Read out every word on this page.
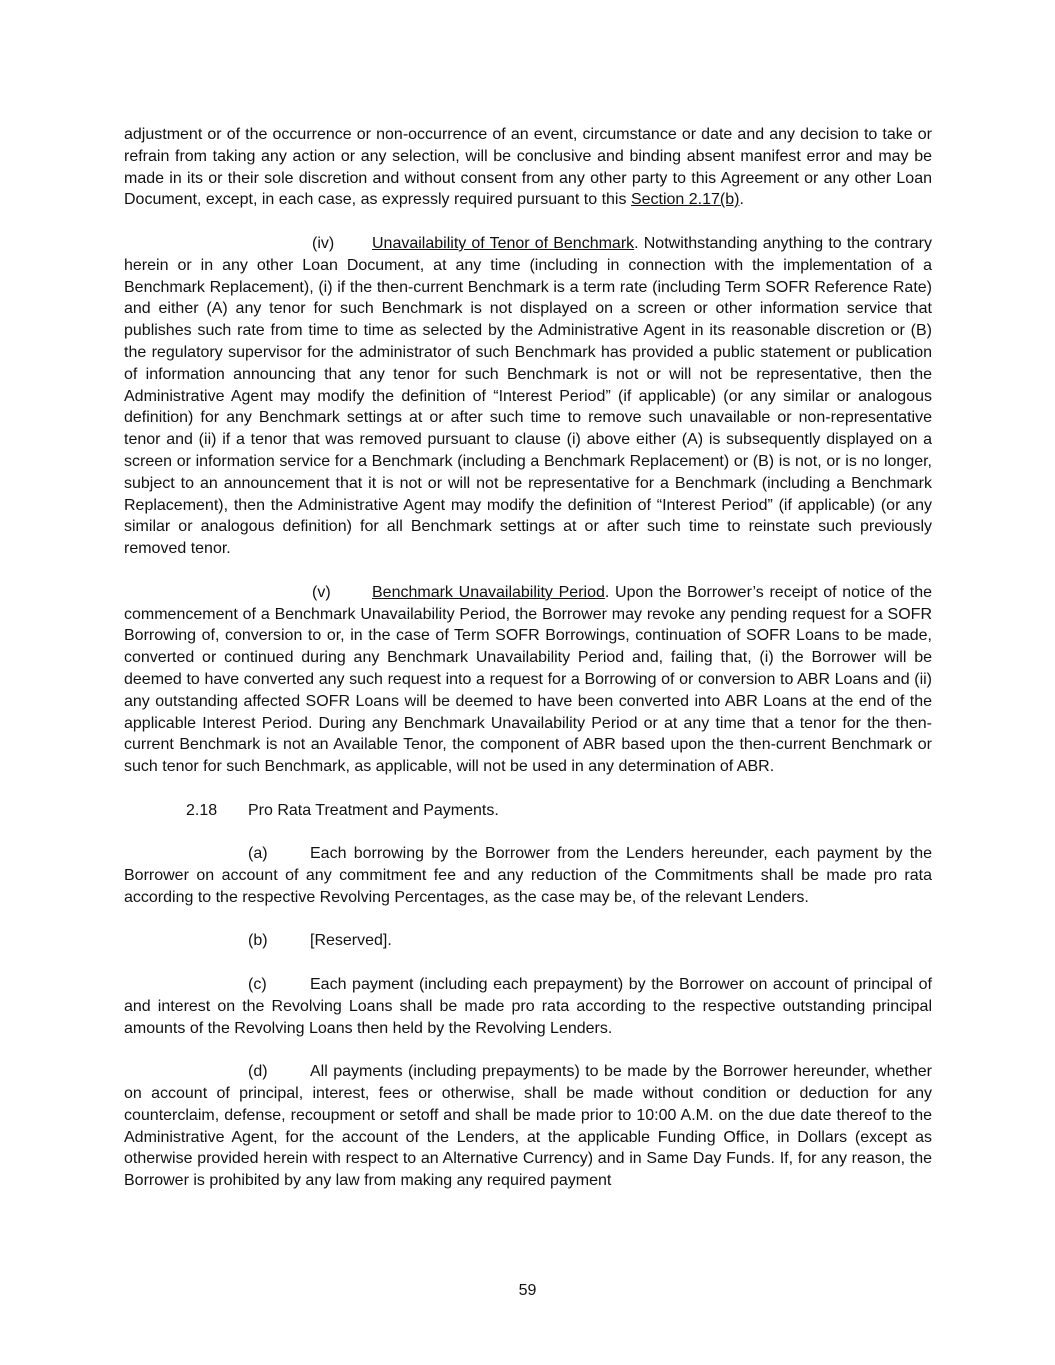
adjustment or of the occurrence or non-occurrence of an event, circumstance or date and any decision to take or refrain from taking any action or any selection, will be conclusive and binding absent manifest error and may be made in its or their sole discretion and without consent from any other party to this Agreement or any other Loan Document, except, in each case, as expressly required pursuant to this Section 2.17(b).

(iv) Unavailability of Tenor of Benchmark. Notwithstanding anything to the contrary herein or in any other Loan Document, at any time (including in connection with the implementation of a Benchmark Replacement), (i) if the then-current Benchmark is a term rate (including Term SOFR Reference Rate) and either (A) any tenor for such Benchmark is not displayed on a screen or other information service that publishes such rate from time to time as selected by the Administrative Agent in its reasonable discretion or (B) the regulatory supervisor for the administrator of such Benchmark has provided a public statement or publication of information announcing that any tenor for such Benchmark is not or will not be representative, then the Administrative Agent may modify the definition of “Interest Period” (if applicable) (or any similar or analogous definition) for any Benchmark settings at or after such time to remove such unavailable or non-representative tenor and (ii) if a tenor that was removed pursuant to clause (i) above either (A) is subsequently displayed on a screen or information service for a Benchmark (including a Benchmark Replacement) or (B) is not, or is no longer, subject to an announcement that it is not or will not be representative for a Benchmark (including a Benchmark Replacement), then the Administrative Agent may modify the definition of “Interest Period” (if applicable) (or any similar or analogous definition) for all Benchmark settings at or after such time to reinstate such previously removed tenor.

(v)	Benchmark Unavailability Period. Upon the Borrower’s receipt of notice of the commencement of a Benchmark Unavailability Period, the Borrower may revoke any pending request for a SOFR Borrowing of, conversion to or, in the case of Term SOFR Borrowings, continuation of SOFR Loans to be made, converted or continued during any Benchmark Unavailability Period and, failing that, (i) the Borrower will be deemed to have converted any such request into a request for a Borrowing of or conversion to ABR Loans and (ii) any outstanding affected SOFR Loans will be deemed to have been converted into ABR Loans at the end of the applicable Interest Period. During any Benchmark Unavailability Period or at any time that a tenor for the then-current Benchmark is not an Available Tenor, the component of ABR based upon the then-current Benchmark or such tenor for such Benchmark, as applicable, will not be used in any determination of ABR.

2.18 Pro Rata Treatment and Payments.

(a)	Each borrowing by the Borrower from the Lenders hereunder, each payment by the Borrower on account of any commitment fee and any reduction of the Commitments shall be made pro rata according to the respective Revolving Percentages, as the case may be, of the relevant Lenders.

(b)	[Reserved].

(c)	Each payment (including each prepayment) by the Borrower on account of principal of and interest on the Revolving Loans shall be made pro rata according to the respective outstanding principal amounts of the Revolving Loans then held by the Revolving Lenders.

(d)	All payments (including prepayments) to be made by the Borrower hereunder, whether on account of principal, interest, fees or otherwise, shall be made without condition or deduction for any counterclaim, defense, recoupment or setoff and shall be made prior to 10:00 A.M. on the due date thereof to the Administrative Agent, for the account of the Lenders, at the applicable Funding Office, in Dollars (except as otherwise provided herein with respect to an Alternative Currency) and in Same Day Funds. If, for any reason, the Borrower is prohibited by any law from making any required payment

59
